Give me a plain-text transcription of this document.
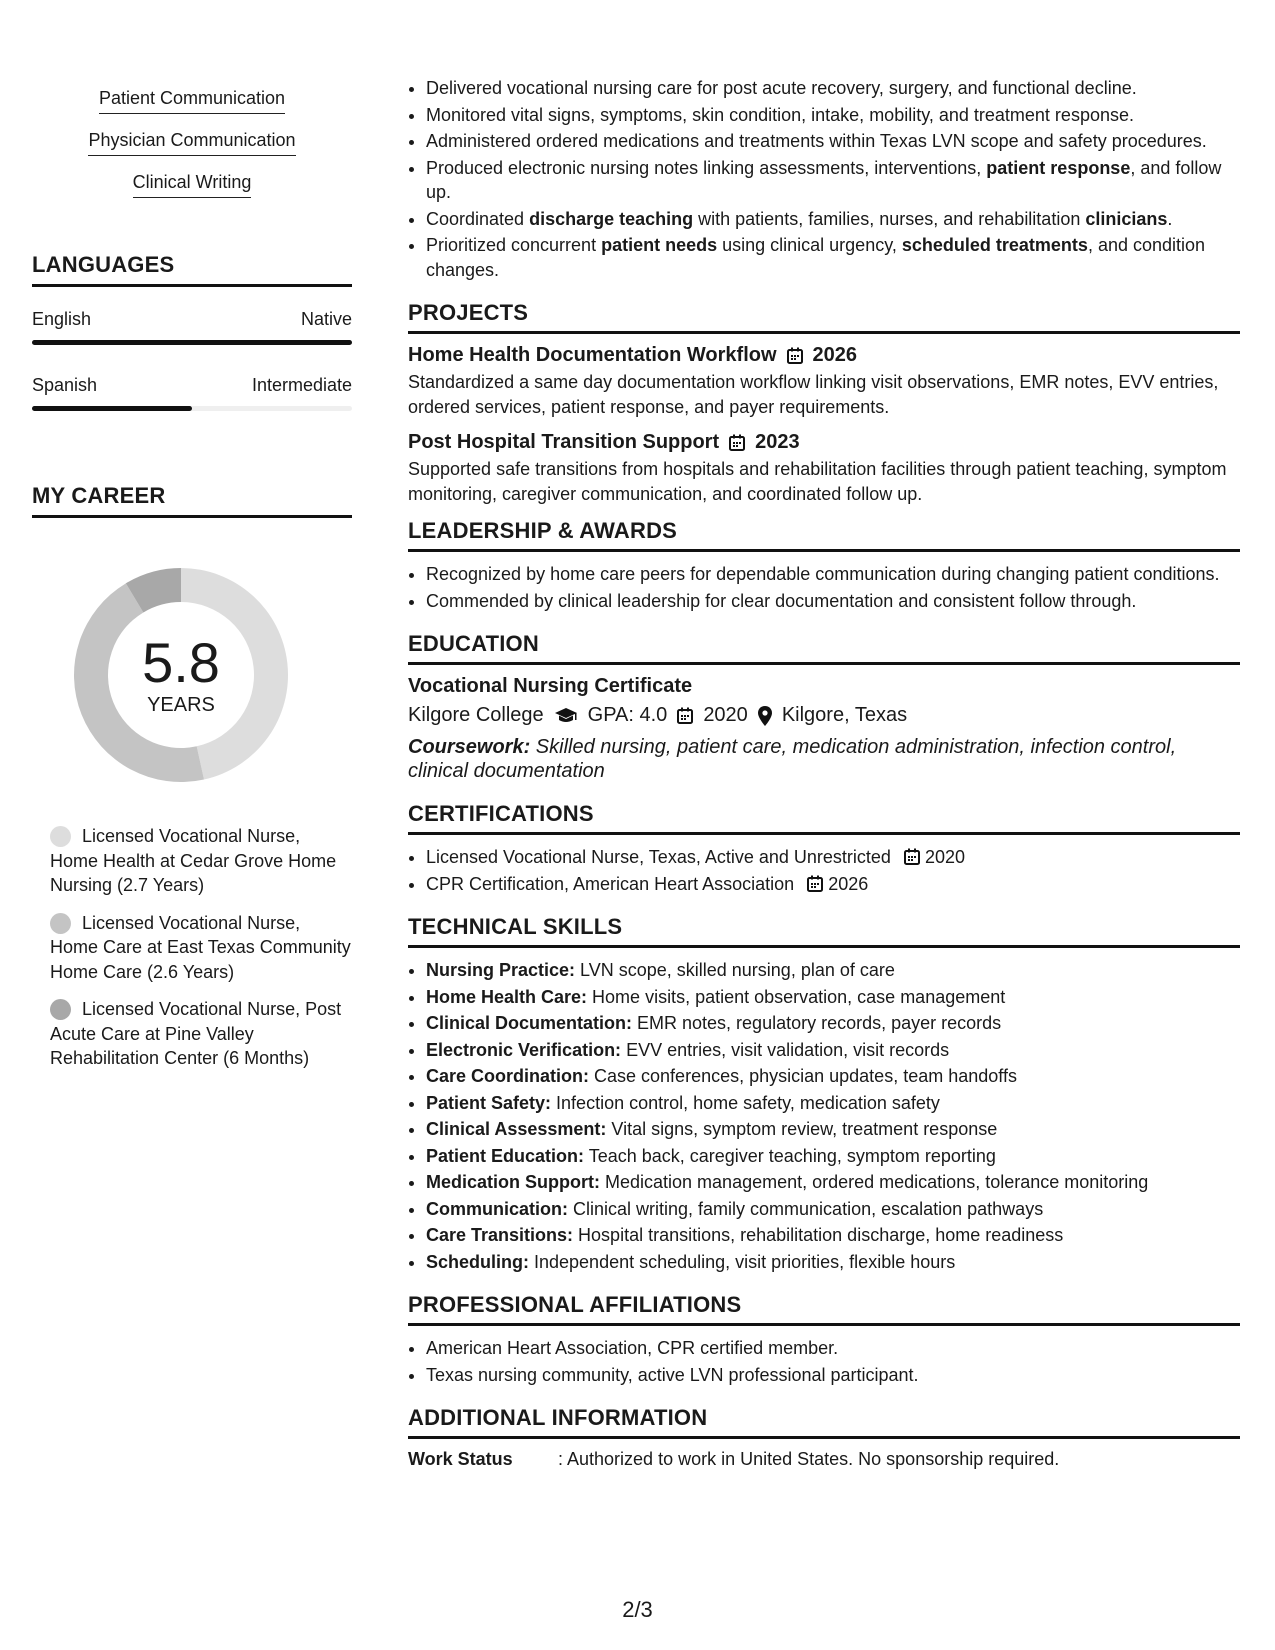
Patient Communication
Physician Communication
Clinical Writing
LANGUAGES
English	Native
Spanish	Intermediate
MY CAREER
5.8
YEARS
Licensed Vocational Nurse, Home Health at Cedar Grove Home Nursing (2.7 Years)
Licensed Vocational Nurse, Home Care at East Texas Community Home Care (2.6 Years)
Licensed Vocational Nurse, Post Acute Care at Pine Valley Rehabilitation Center (6 Months)
• Delivered vocational nursing care for post acute recovery, surgery, and functional decline.
• Monitored vital signs, symptoms, skin condition, intake, mobility, and treatment response.
• Administered ordered medications and treatments within Texas LVN scope and safety procedures.
• Produced electronic nursing notes linking assessments, interventions, patient response, and follow up.
• Coordinated discharge teaching with patients, families, nurses, and rehabilitation clinicians.
• Prioritized concurrent patient needs using clinical urgency, scheduled treatments, and condition changes.
PROJECTS
Home Health Documentation Workflow 2026
Standardized a same day documentation workflow linking visit observations, EMR notes, EVV entries, ordered services, patient response, and payer requirements.
Post Hospital Transition Support 2023
Supported safe transitions from hospitals and rehabilitation facilities through patient teaching, symptom monitoring, caregiver communication, and coordinated follow up.
LEADERSHIP & AWARDS
• Recognized by home care peers for dependable communication during changing patient conditions.
• Commended by clinical leadership for clear documentation and consistent follow through.
EDUCATION
Vocational Nursing Certificate
Kilgore College GPA: 4.0 2020 Kilgore, Texas
Coursework: Skilled nursing, patient care, medication administration, infection control, clinical documentation
CERTIFICATIONS
• Licensed Vocational Nurse, Texas, Active and Unrestricted 2020
• CPR Certification, American Heart Association 2026
TECHNICAL SKILLS
• Nursing Practice: LVN scope, skilled nursing, plan of care
• Home Health Care: Home visits, patient observation, case management
• Clinical Documentation: EMR notes, regulatory records, payer records
• Electronic Verification: EVV entries, visit validation, visit records
• Care Coordination: Case conferences, physician updates, team handoffs
• Patient Safety: Infection control, home safety, medication safety
• Clinical Assessment: Vital signs, symptom review, treatment response
• Patient Education: Teach back, caregiver teaching, symptom reporting
• Medication Support: Medication management, ordered medications, tolerance monitoring
• Communication: Clinical writing, family communication, escalation pathways
• Care Transitions: Hospital transitions, rehabilitation discharge, home readiness
• Scheduling: Independent scheduling, visit priorities, flexible hours
PROFESSIONAL AFFILIATIONS
• American Heart Association, CPR certified member.
• Texas nursing community, active LVN professional participant.
ADDITIONAL INFORMATION
Work Status	: Authorized to work in United States. No sponsorship required.
2/3
